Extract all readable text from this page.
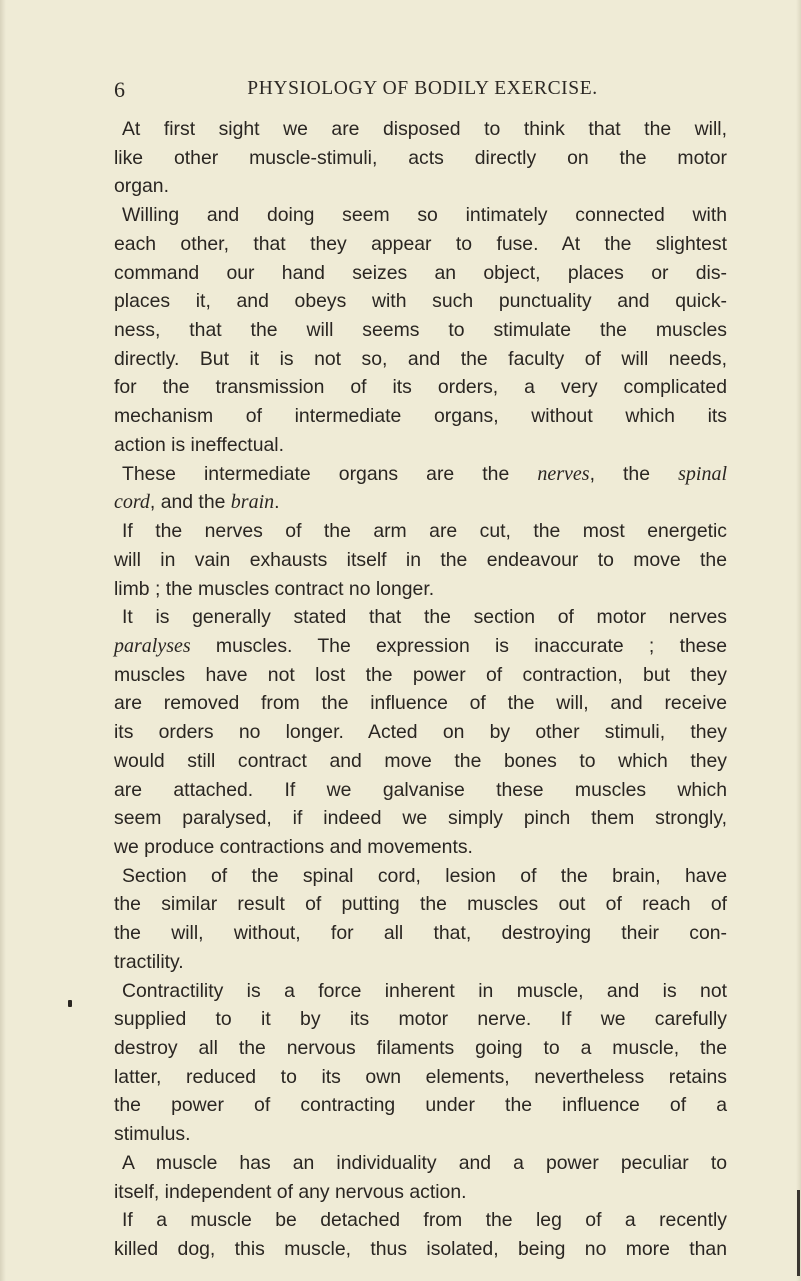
6	PHYSIOLOGY OF BODILY EXERCISE.
At first sight we are disposed to think that the will,
like other muscle-stimuli, acts directly on the motor
organ.
Willing and doing seem so intimately connected with
each other, that they appear to fuse. At the slightest
command our hand seizes an object, places or dis-
places it, and obeys with such punctuality and quick-
ness, that the will seems to stimulate the muscles
directly. But it is not so, and the faculty of will needs,
for the transmission of its orders, a very complicated
mechanism of intermediate organs, without which its
action is ineffectual.
These intermediate organs are the nerves, the spinal
cord, and the brain.
If the nerves of the arm are cut, the most energetic
will in vain exhausts itself in the endeavour to move the
limb ; the muscles contract no longer.
It is generally stated that the section of motor nerves
paralyses muscles. The expression is inaccurate ; these
muscles have not lost the power of contraction, but they
are removed from the influence of the will, and receive
its orders no longer. Acted on by other stimuli, they
would still contract and move the bones to which they
are attached. If we galvanise these muscles which
seem paralysed, if indeed we simply pinch them strongly,
we produce contractions and movements.
Section of the spinal cord, lesion of the brain, have
the similar result of putting the muscles out of reach of
the will, without, for all that, destroying their con-
tractility.
Contractility is a force inherent in muscle, and is not
supplied to it by its motor nerve. If we carefully
destroy all the nervous filaments going to a muscle, the
latter, reduced to its own elements, nevertheless retains
the power of contracting under the influence of a
stimulus.
A muscle has an individuality and a power peculiar to
itself, independent of any nervous action.
If a muscle be detached from the leg of a recently
killed dog, this muscle, thus isolated, being no more than
